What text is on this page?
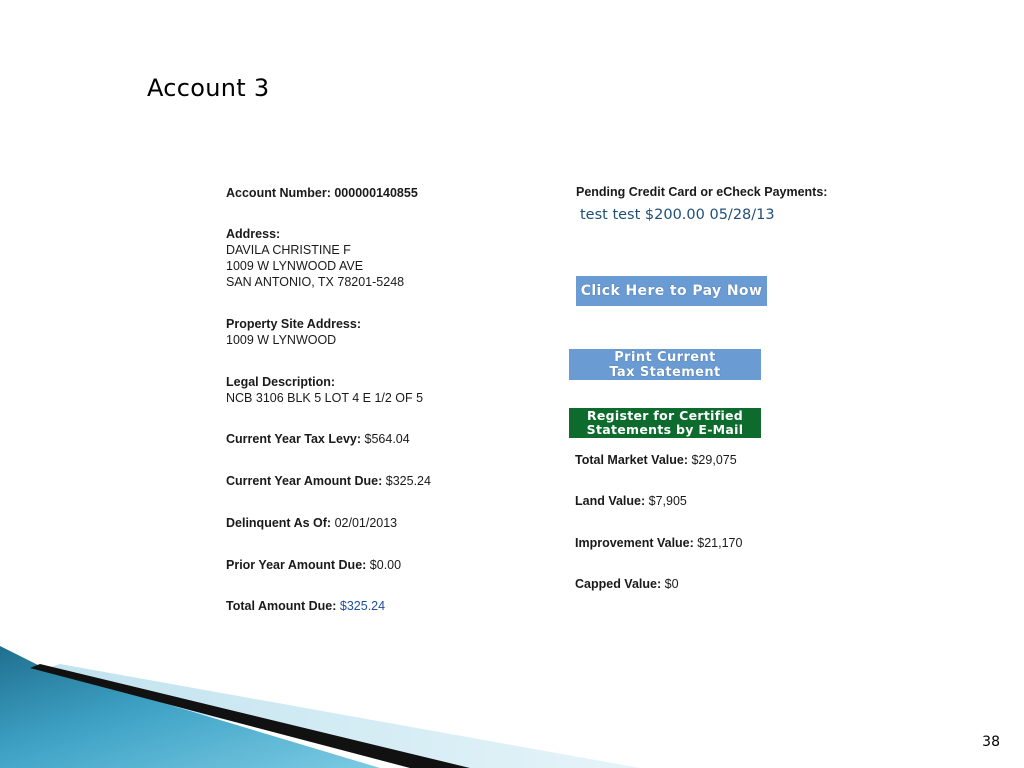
Account 3
Account Number: 000000140855
Address:
DAVILA CHRISTINE F
1009 W LYNWOOD AVE
SAN ANTONIO, TX 78201-5248
Property Site Address:
1009 W LYNWOOD
Legal Description:
NCB 3106 BLK 5 LOT 4 E 1/2 OF 5
Current Year Tax Levy: $564.04
Current Year Amount Due: $325.24
Delinquent As Of: 02/01/2013
Prior Year Amount Due: $0.00
Total Amount Due: $325.24
Pending Credit Card or eCheck Payments:
test test $200.00 05/28/13
Click Here to Pay Now
Print Current
Tax Statement
Register for Certified
Statements by E-Mail
Total Market Value: $29,075
Land Value: $7,905
Improvement Value: $21,170
Capped Value: $0
38
